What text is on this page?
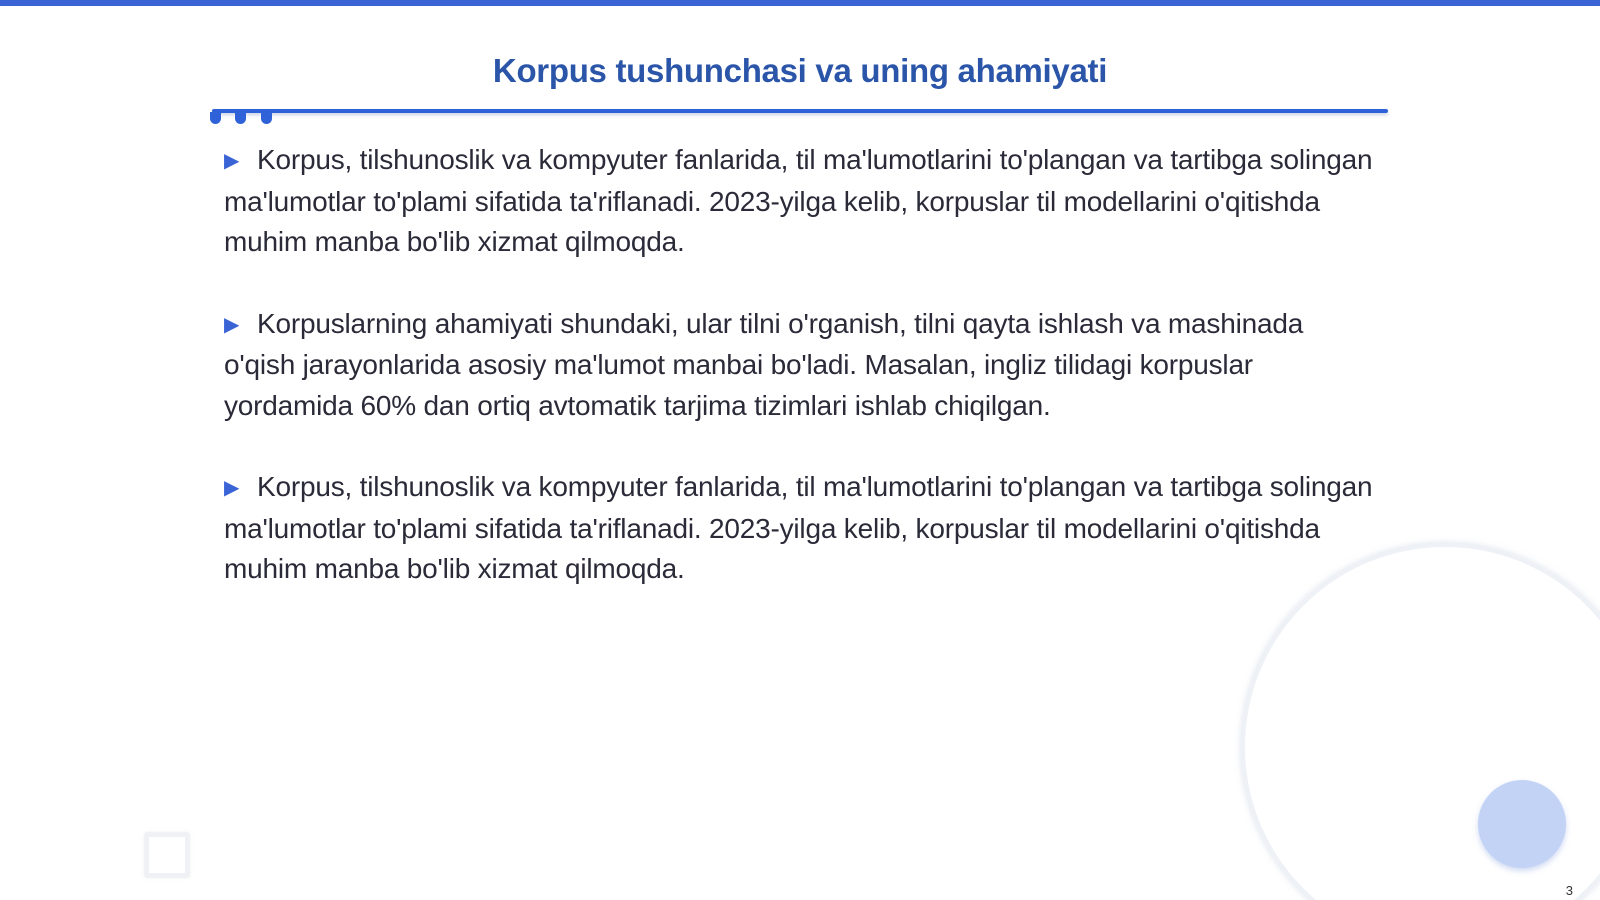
Korpus tushunchasi va uning ahamiyati

▶ Korpus, tilshunoslik va kompyuter fanlarida, til ma'lumotlarini to'plangan va tartibga solingan ma'lumotlar to'plami sifatida ta'riflanadi. 2023-yilga kelib, korpuslar til modellarini o'qitishda muhim manba bo'lib xizmat qilmoqda.

▶ Korpuslarning ahamiyati shundaki, ular tilni o'rganish, tilni qayta ishlash va mashinada o'qish jarayonlarida asosiy ma'lumot manbai bo'ladi. Masalan, ingliz tilidagi korpuslar yordamida 60% dan ortiq avtomatik tarjima tizimlari ishlab chiqilgan.

▶ Korpus, tilshunoslik va kompyuter fanlarida, til ma'lumotlarini to'plangan va tartibga solingan ma'lumotlar to'plami sifatida ta'riflanadi. 2023-yilga kelib, korpuslar til modellarini o'qitishda muhim manba bo'lib xizmat qilmoqda.

3
